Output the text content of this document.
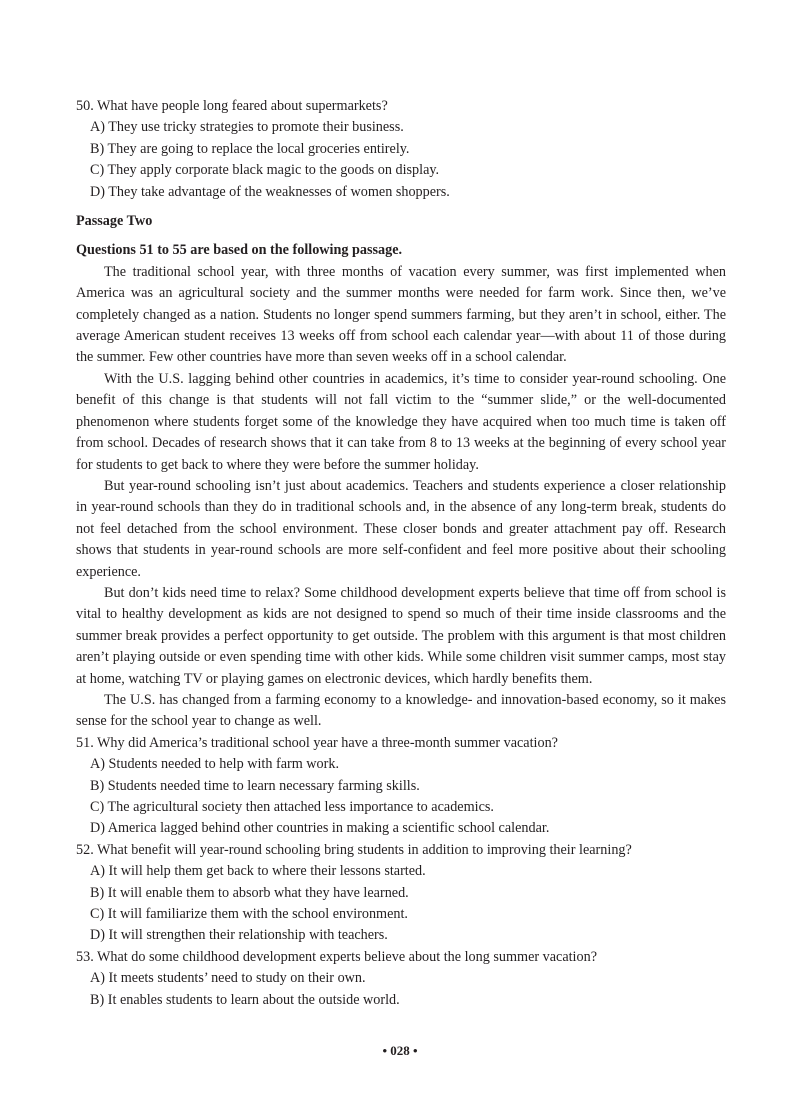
50. What have people long feared about supermarkets?

A) They use tricky strategies to promote their business.

B) They are going to replace the local groceries entirely.

C) They apply corporate black magic to the goods on display.

D) They take advantage of the weaknesses of women shoppers.

Passage Two

Questions 51 to 55 are based on the following passage.

The traditional school year, with three months of vacation every summer, was first implemented when America was an agricultural society and the summer months were needed for farm work. Since then, we’ve completely changed as a nation. Students no longer spend summers farming, but they aren’t in school, either. The average American student receives 13 weeks off from school each calendar year—with about 11 of those during the summer. Few other countries have more than seven weeks off in a school calendar.

With the U.S. lagging behind other countries in academics, it’s time to consider year-round schooling. One benefit of this change is that students will not fall victim to the “summer slide,” or the well-documented phenomenon where students forget some of the knowledge they have acquired when too much time is taken off from school. Decades of research shows that it can take from 8 to 13 weeks at the beginning of every school year for students to get back to where they were before the summer holiday.

But year-round schooling isn’t just about academics. Teachers and students experience a closer relationship in year-round schools than they do in traditional schools and, in the absence of any long-term break, students do not feel detached from the school environment. These closer bonds and greater attachment pay off. Research shows that students in year-round schools are more self-confident and feel more positive about their schooling experience.

But don’t kids need time to relax? Some childhood development experts believe that time off from school is vital to healthy development as kids are not designed to spend so much of their time inside classrooms and the summer break provides a perfect opportunity to get outside. The problem with this argument is that most children aren’t playing outside or even spending time with other kids. While some children visit summer camps, most stay at home, watching TV or playing games on electronic devices, which hardly benefits them.

The U.S. has changed from a farming economy to a knowledge- and innovation-based economy, so it makes sense for the school year to change as well.

51. Why did America’s traditional school year have a three-month summer vacation?

A) Students needed to help with farm work.

B) Students needed time to learn necessary farming skills.

C) The agricultural society then attached less importance to academics.

D) America lagged behind other countries in making a scientific school calendar.

52. What benefit will year-round schooling bring students in addition to improving their learning?

A) It will help them get back to where their lessons started.

B) It will enable them to absorb what they have learned.

C) It will familiarize them with the school environment.

D) It will strengthen their relationship with teachers.

53. What do some childhood development experts believe about the long summer vacation?

A) It meets students’ need to study on their own.

B) It enables students to learn about the outside world.

• 028 •
